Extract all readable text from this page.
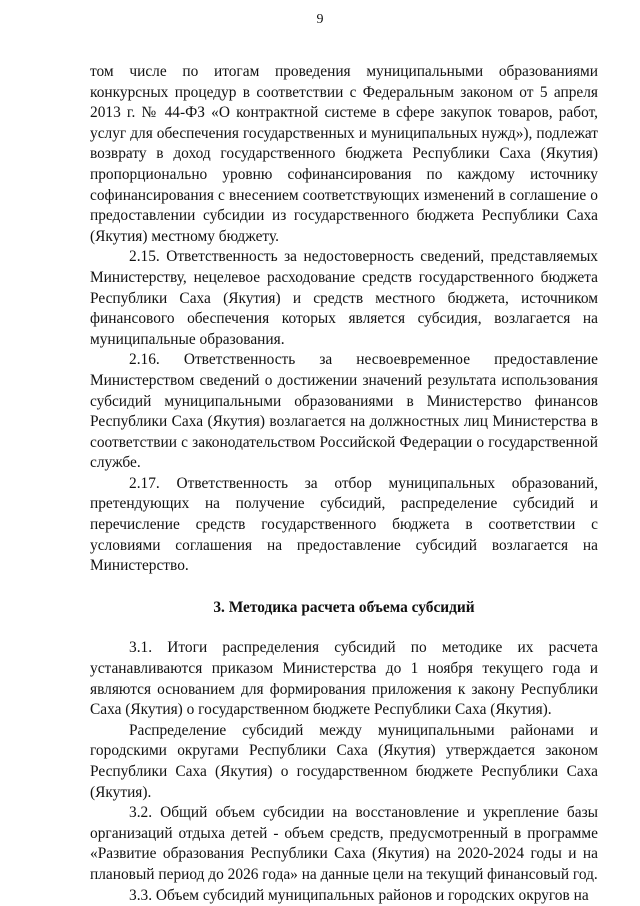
9

том числе по итогам проведения муниципальными образованиями конкурсных процедур в соответствии с Федеральным законом от 5 апреля 2013 г. № 44-ФЗ «О контрактной системе в сфере закупок товаров, работ, услуг для обеспечения государственных и муниципальных нужд»), подлежат возврату в доход государственного бюджета Республики Саха (Якутия) пропорционально уровню софинансирования по каждому источнику софинансирования с внесением соответствующих изменений в соглашение о предоставлении субсидии из государственного бюджета Республики Саха (Якутия) местному бюджету.

2.15. Ответственность за недостоверность сведений, представляемых Министерству, нецелевое расходование средств государственного бюджета Республики Саха (Якутия) и средств местного бюджета, источником финансового обеспечения которых является субсидия, возлагается на муниципальные образования.

2.16. Ответственность за несвоевременное предоставление Министерством сведений о достижении значений результата использования субсидий муниципальными образованиями в Министерство финансов Республики Саха (Якутия) возлагается на должностных лиц Министерства в соответствии с законодательством Российской Федерации о государственной службе.

2.17. Ответственность за отбор муниципальных образований, претендующих на получение субсидий, распределение субсидий и перечисление средств государственного бюджета в соответствии с условиями соглашения на предоставление субсидий возлагается на Министерство.

3. Методика расчета объема субсидий

3.1. Итоги распределения субсидий по методике их расчета устанавливаются приказом Министерства до 1 ноября текущего года и являются основанием для формирования приложения к закону Республики Саха (Якутия) о государственном бюджете Республики Саха (Якутия).

Распределение субсидий между муниципальными районами и городскими округами Республики Саха (Якутия) утверждается законом Республики Саха (Якутия) о государственном бюджете Республики Саха (Якутия).

3.2. Общий объем субсидии на восстановление и укрепление базы организаций отдыха детей - объем средств, предусмотренный в программе «Развитие образования Республики Саха (Якутия) на 2020-2024 годы и на плановый период до 2026 года» на данные цели на текущий финансовый год.

3.3. Объем субсидий муниципальных районов и городских округов на
